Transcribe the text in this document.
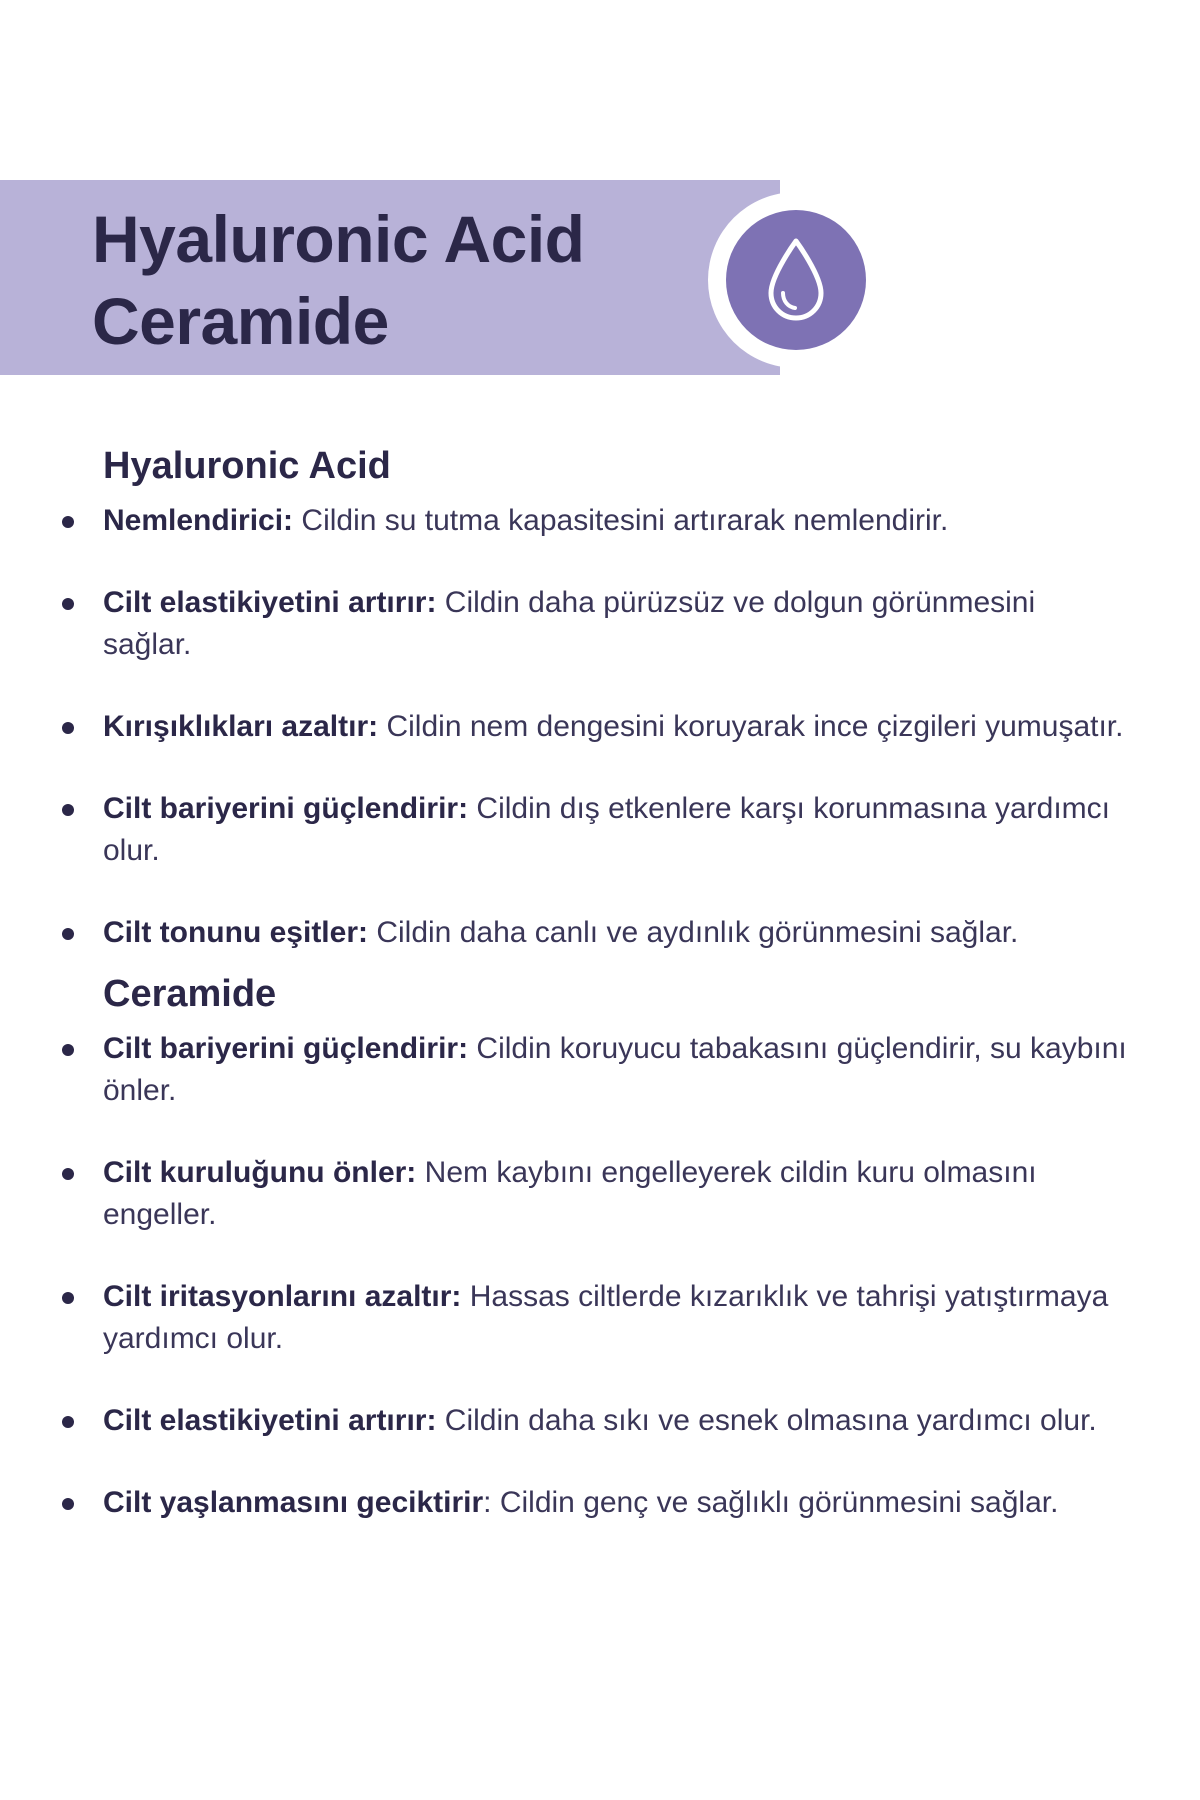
Hyaluronic Acid
Ceramide
Hyaluronic Acid
Nemlendirici: Cildin su tutma kapasitesini artırarak nemlendirir.
Cilt elastikiyetini artırır: Cildin daha pürüzsüz ve dolgun görünmesini sağlar.
Kırışıklıkları azaltır: Cildin nem dengesini koruyarak ince çizgileri yumuşatır.
Cilt bariyerini güçlendirir: Cildin dış etkenlere karşı korunmasına yardımcı olur.
Cilt tonunu eşitler: Cildin daha canlı ve aydınlık görünmesini sağlar.
Ceramide
Cilt bariyerini güçlendirir: Cildin koruyucu tabakasını güçlendirir, su kaybını önler.
Cilt kuruluğunu önler: Nem kaybını engelleyerek cildin kuru olmasını engeller.
Cilt iritasyonlarını azaltır: Hassas ciltlerde kızarıklık ve tahrişi yatıştırmaya yardımcı olur.
Cilt elastikiyetini artırır: Cildin daha sıkı ve esnek olmasına yardımcı olur.
Cilt yaşlanmasını geciktirir: Cildin genç ve sağlıklı görünmesini sağlar.
